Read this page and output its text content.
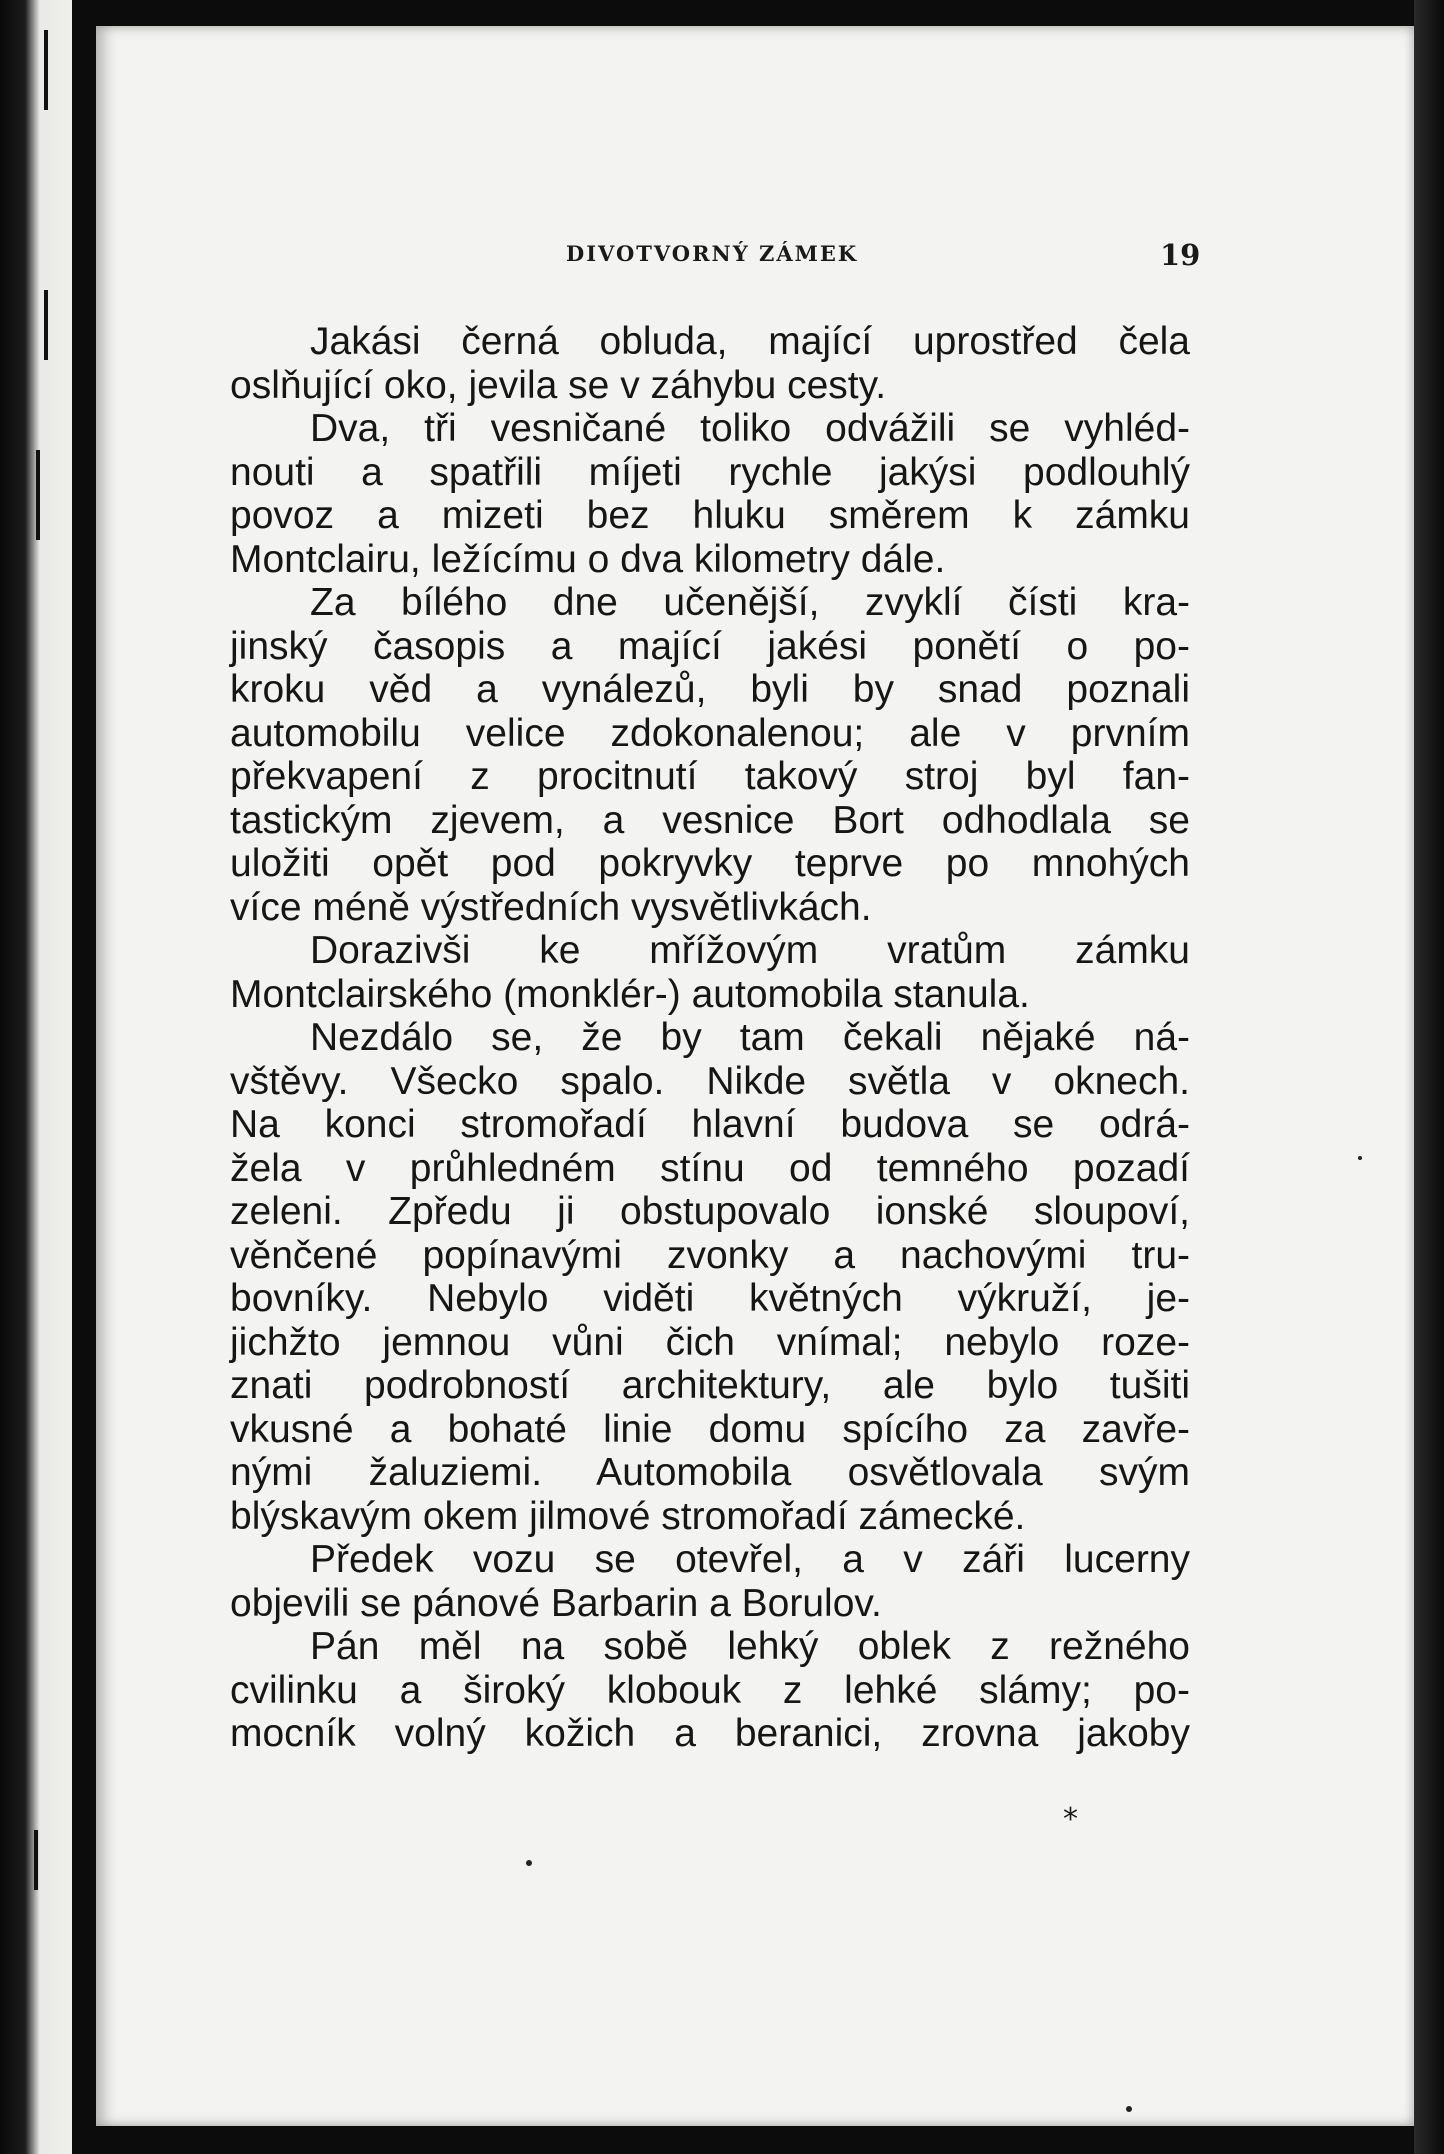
DIVOTVORNÝ ZÁMEK	19
Jakási černá obluda, mající uprostřed čela
oslňující oko, jevila se v záhybu cesty.
Dva, tři vesničané toliko odvážili se vyhléd-
nouti a spatřili míjeti rychle jakýsi podlouhlý
povoz a mizeti bez hluku směrem k zámku
Montclairu, ležícímu o dva kilometry dále.
Za bílého dne učenější, zvyklí čísti kra-
jinský časopis a mající jakési ponětí o po-
kroku věd a vynálezů, byli by snad poznali
automobilu velice zdokonalenou; ale v prvním
překvapení z procitnutí takový stroj byl fan-
tastickým zjevem, a vesnice Bort odhodlala se
uložiti opět pod pokryvky teprve po mnohých
více méně výstředních vysvětlivkách.
Dorazivši ke mřížovým vratům zámku
Montclairského (monklér-) automobila stanula.
Nezdálo se, že by tam čekali nějaké ná-
vštěvy. Všecko spalo. Nikde světla v oknech.
Na konci stromořadí hlavní budova se odrá-
žela v průhledném stínu od temného pozadí
zeleni. Zpředu ji obstupovalo ionské sloupoví,
věnčené popínavými zvonky a nachovými tru-
bovníky. Nebylo viděti květných výkruží, je-
jichžto jemnou vůni čich vnímal; nebylo roze-
znati podrobností architektury, ale bylo tušiti
vkusné a bohaté linie domu spícího za zavře-
nými žaluziemi. Automobila osvětlovala svým
blýskavým okem jilmové stromořadí zámecké.
Předek vozu se otevřel, a v záři lucerny
objevili se pánové Barbarin a Borulov.
Pán měl na sobě lehký oblek z režného
cvilinku a široký klobouk z lehké slámy; po-
mocník volný kožich a beranici, zrovna jakoby
*
